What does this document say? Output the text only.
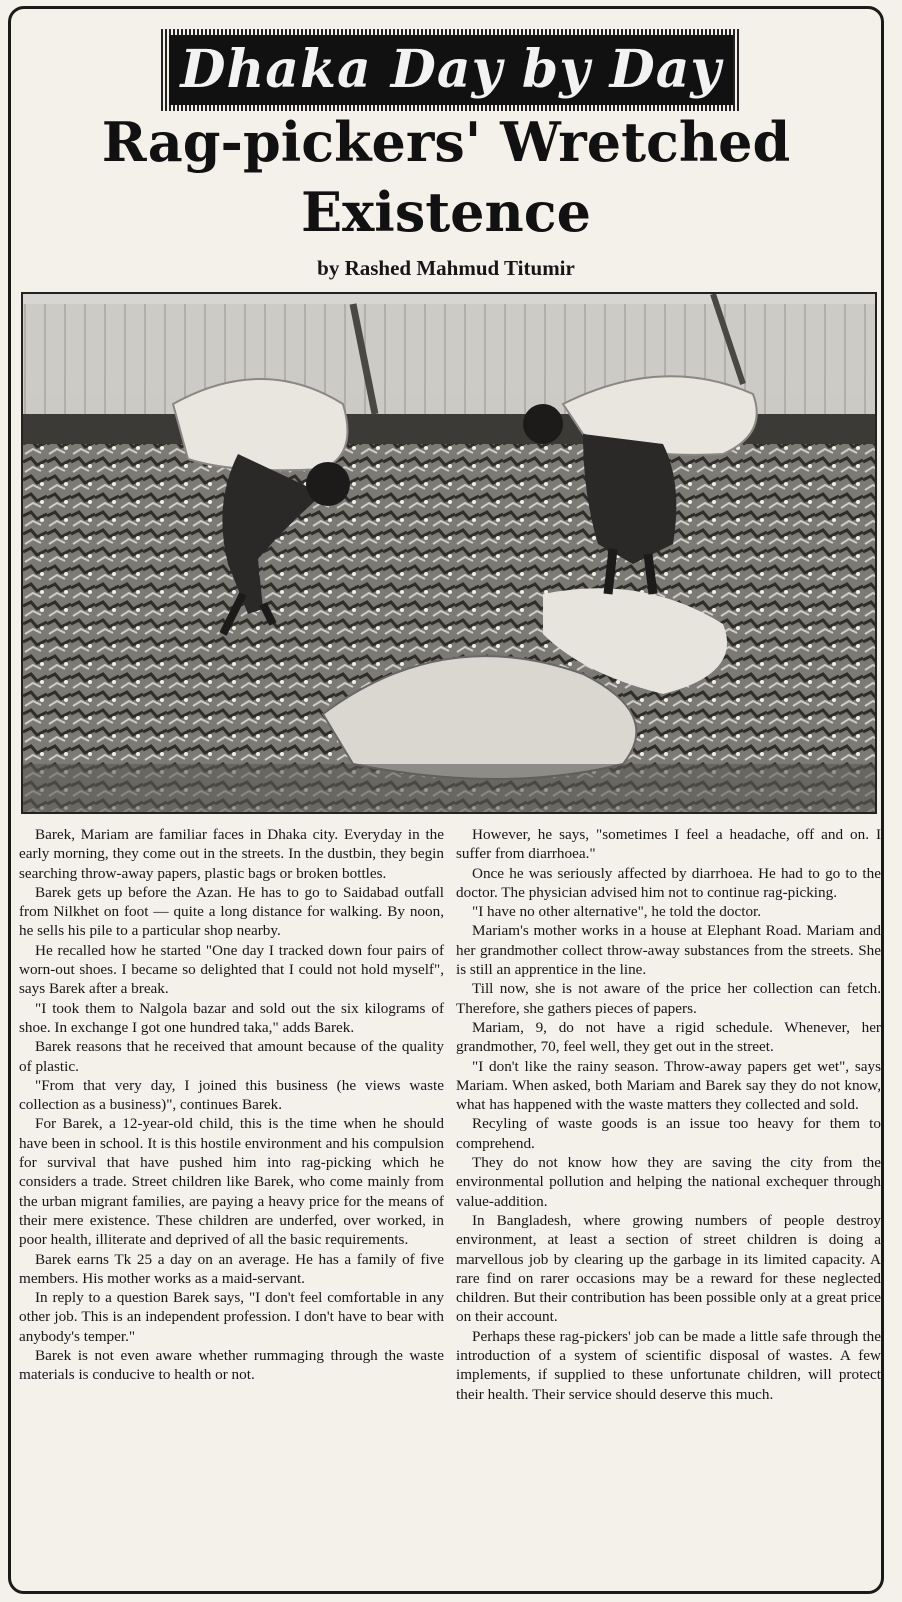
Dhaka Day by Day
Rag-pickers' Wretched
Existence
by Rashed Mahmud Titumir

Barek, Mariam are familiar faces in Dhaka city. Everyday in the early morning, they come out in the streets. In the dustbin, they begin searching throw-away papers, plastic bags or broken bottles.

Barek gets up before the Azan. He has to go to Saidabad outfall from Nilkhet on foot — quite a long distance for walking. By noon, he sells his pile to a particular shop nearby.

He recalled how he started "One day I tracked down four pairs of worn-out shoes. I became so delighted that I could not hold myself", says Barek after a break.

"I took them to Nalgola bazar and sold out the six kilograms of shoe. In exchange I got one hundred taka," adds Barek.

Barek reasons that he received that amount because of the quality of plastic.

"From that very day, I joined this business (he views waste collection as a business)", continues Barek.

For Barek, a 12-year-old child, this is the time when he should have been in school. It is this hostile environment and his compulsion for survival that have pushed him into rag-picking which he considers a trade. Street children like Barek, who come mainly from the urban migrant families, are paying a heavy price for the means of their mere existence. These children are underfed, over worked, in poor health, illiterate and deprived of all the basic requirements.

Barek earns Tk 25 a day on an average. He has a family of five members. His mother works as a maid-servant.

In reply to a question Barek says, "I don't feel comfortable in any other job. This is an independent profession. I don't have to bear with anybody's temper."

Barek is not even aware whether rummaging through the waste materials is conducive to health or not.

However, he says, "sometimes I feel a headache, off and on. I suffer from diarrhoea."

Once he was seriously affected by diarrhoea. He had to go to the doctor. The physician advised him not to continue rag-picking.

"I have no other alternative", he told the doctor.

Mariam's mother works in a house at Elephant Road. Mariam and her grandmother collect throw-away substances from the streets. She is still an apprentice in the line.

Till now, she is not aware of the price her collection can fetch. Therefore, she gathers pieces of papers.

Mariam, 9, do not have a rigid schedule. Whenever, her grandmother, 70, feel well, they get out in the street.

"I don't like the rainy season. Throw-away papers get wet", says Mariam. When asked, both Mariam and Barek say they do not know, what has happened with the waste matters they collected and sold.

Recyling of waste goods is an issue too heavy for them to comprehend.

They do not know how they are saving the city from the environmental pollution and helping the national exchequer through value-addition.

In Bangladesh, where growing numbers of people destroy environment, at least a section of street children is doing a marvellous job by clearing up the garbage in its limited capacity. A rare find on rarer occasions may be a reward for these neglected children. But their contribution has been possible only at a great price on their account.

Perhaps these rag-pickers' job can be made a little safe through the introduction of a system of scientific disposal of wastes. A few implements, if supplied to these unfortunate children, will protect their health. Their service should deserve this much.
